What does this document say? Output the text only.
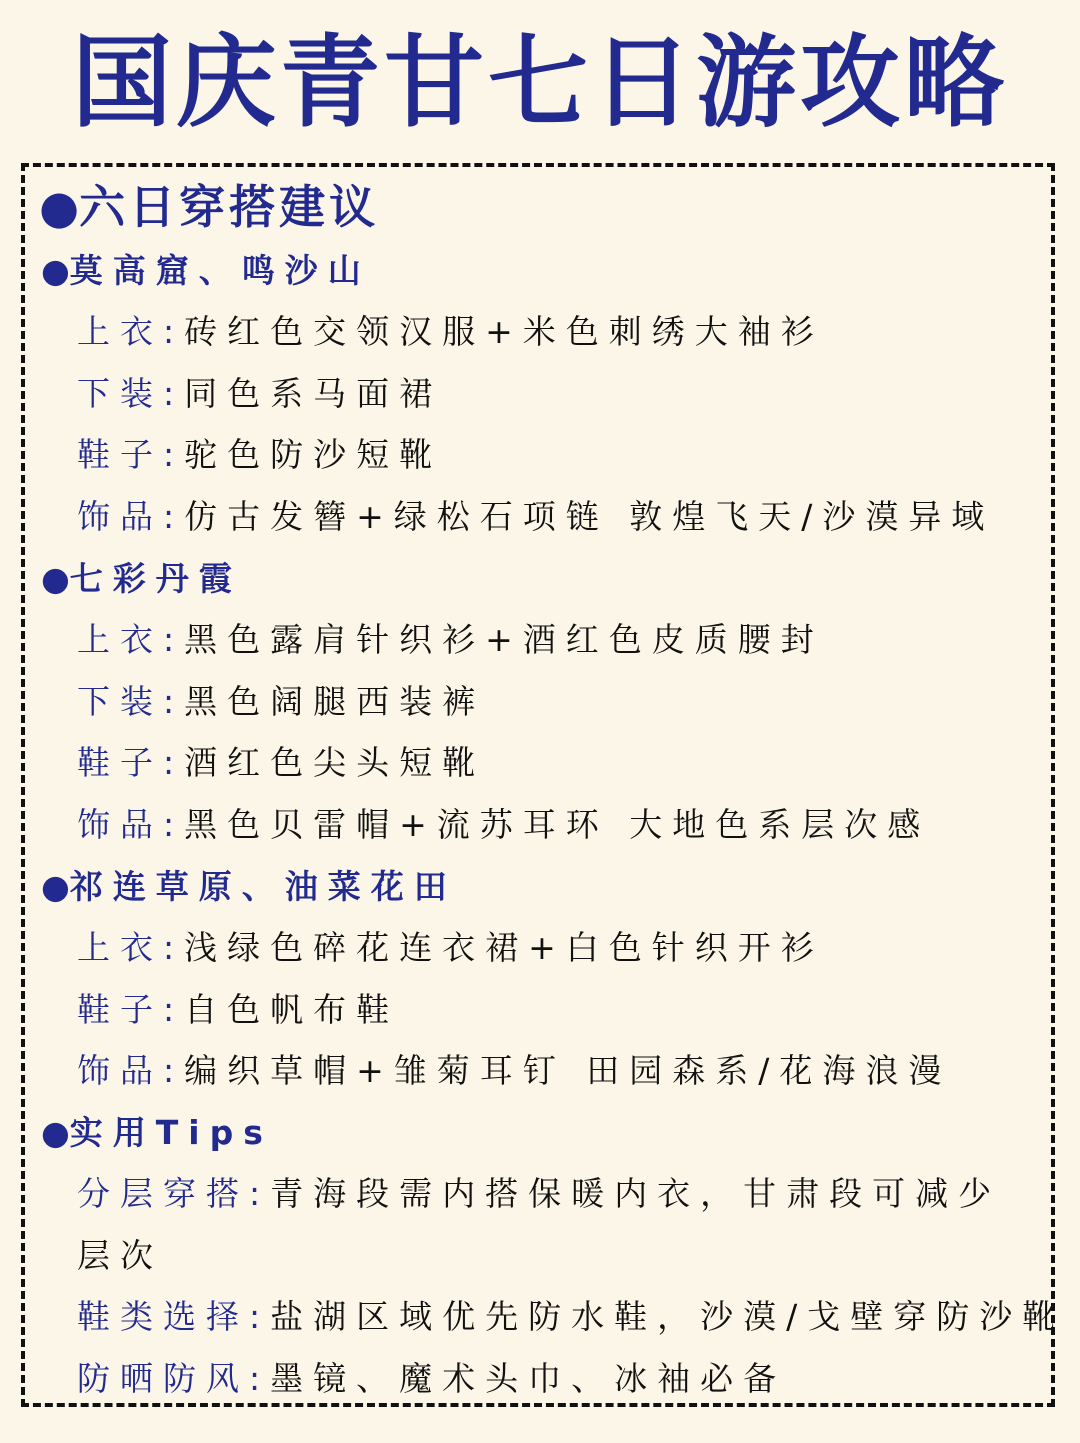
国庆青甘七日游攻略
●六日穿搭建议
●莫高窟、鸣沙山
上衣:砖红色交领汉服+米色刺绣大袖衫
下装:同色系马面裙
鞋子:驼色防沙短靴
饰品:仿古发簪+绿松石项链 敦煌飞天/沙漠异域
●七彩丹霞
上衣:黑色露肩针织衫+酒红色皮质腰封
下装:黑色阔腿西装裤
鞋子:酒红色尖头短靴
饰品:黑色贝雷帽+流苏耳环 大地色系层次感
●祁连草原、油菜花田
上衣:浅绿色碎花连衣裙+白色针织开衫
鞋子:自色帆布鞋
饰品:编织草帽+雏菊耳钉 田园森系/花海浪漫
●实用Tips
分层穿搭:青海段需内搭保暖内衣，甘肃段可减少
层次
鞋类选择:盐湖区域优先防水鞋，沙漠/戈壁穿防沙靴
防晒防风:墨镜、魔术头巾、冰袖必备
